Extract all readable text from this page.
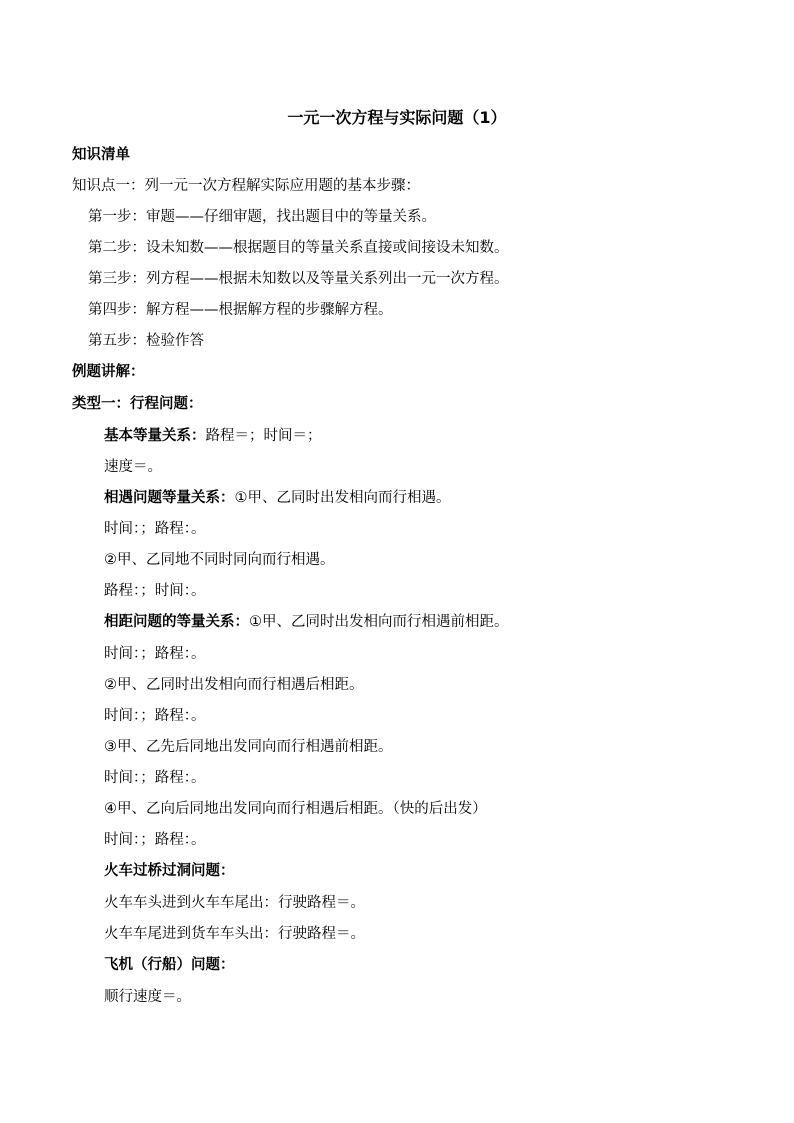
一元一次方程与实际问题（1）
知识清单
知识点一：列一元一次方程解实际应用题的基本步骤：
第一步：审题——仔细审题，找出题目中的等量关系。
第二步：设未知数——根据题目的等量关系直接或间接设未知数。
第三步：列方程——根据未知数以及等量关系列出一元一次方程。
第四步：解方程——根据解方程的步骤解方程。
第五步：检验作答
例题讲解：
类型一：行程问题：
基本等量关系：路程＝；时间＝；
速度＝。
相遇问题等量关系：①甲、乙同时出发相向而行相遇。
时间：；路程：。
②甲、乙同地不同时同向而行相遇。
路程：；时间：。
相距问题的等量关系：①甲、乙同时出发相向而行相遇前相距。
时间：；路程：。
②甲、乙同时出发相向而行相遇后相距。
时间：；路程：。
③甲、乙先后同地出发同向而行相遇前相距。
时间：；路程：。
④甲、乙向后同地出发同向而行相遇后相距。（快的后出发）
时间：；路程：。
火车过桥过洞问题：
火车车头进到火车车尾出：行驶路程＝。
火车车尾进到货车车头出：行驶路程＝。
飞机（行船）问题：
顺行速度＝。
